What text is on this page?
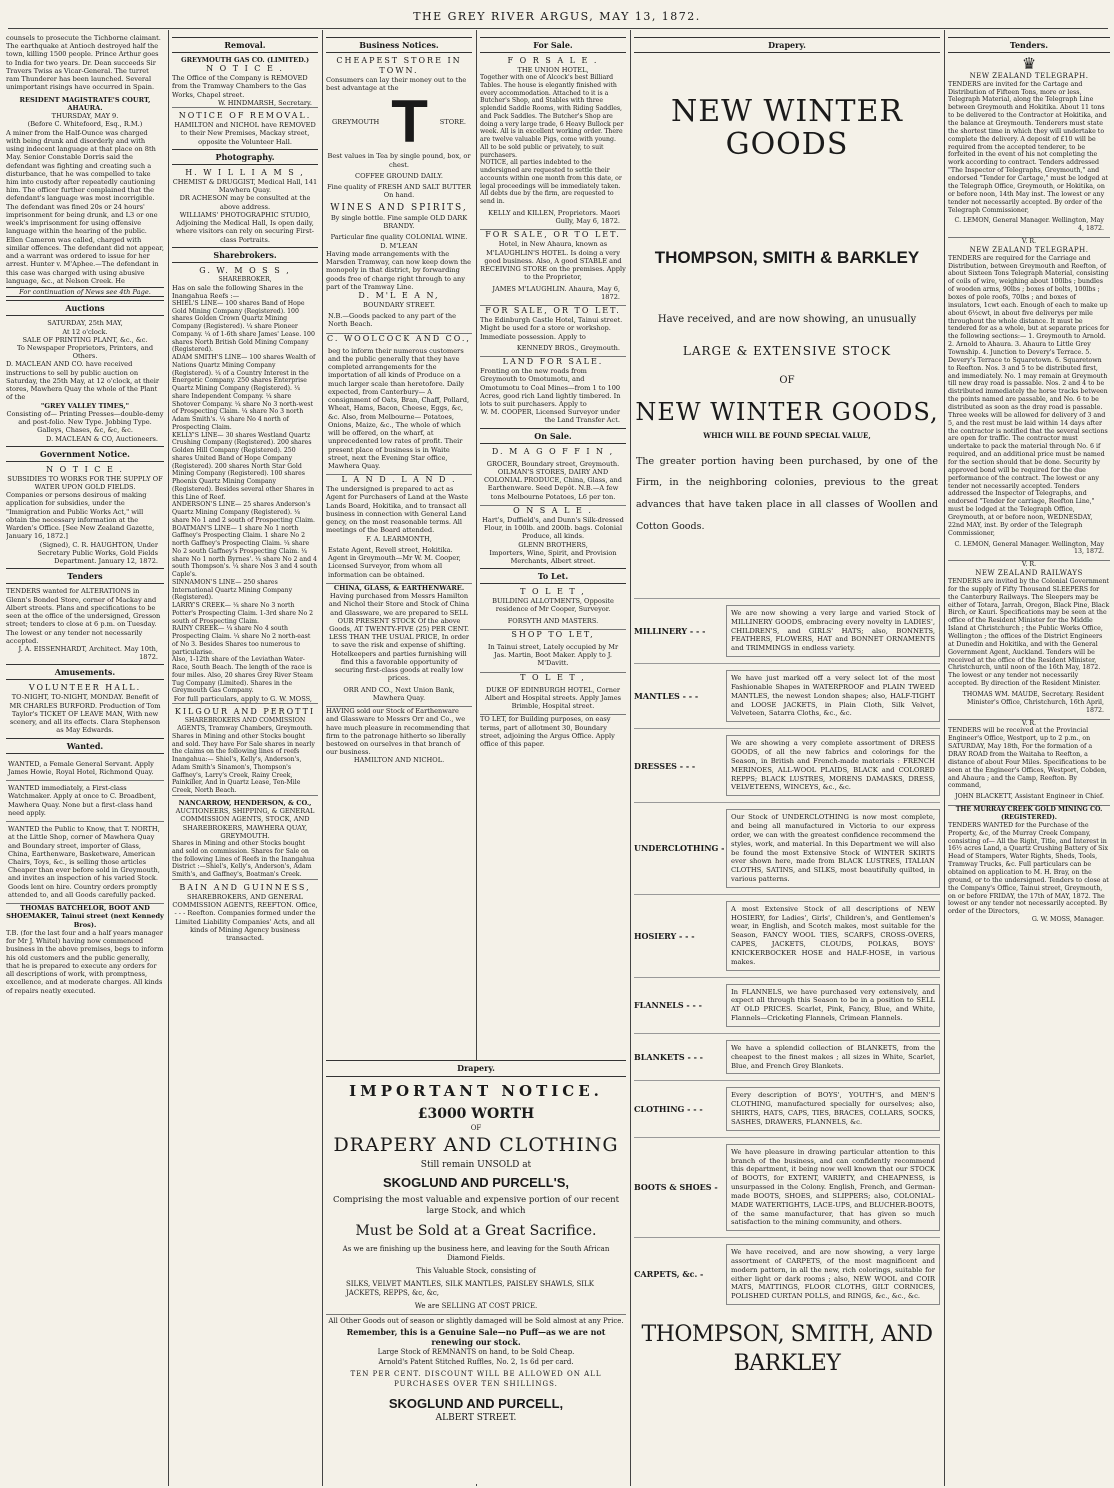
THE GREY RIVER ARGUS, MAY 13, 1872.

counsels to prosecute the Tichborne claimant. The earthquake at Antioch destroyed half the town, killing 1500 people. Prince Arthur goes to India for two years. Dr. Dean succeeds Sir Travers Twiss as Vicar-General. The turret ram Thunderer has been launched. Several unimportant risings have occurred in Spain.

RESIDENT MAGISTRATE'S COURT, AHAURA.

THURSDAY, MAY 9.

(Before C. Whitefoord, Esq., R.M.)

A miner from the Half-Ounce was charged with being drunk and disorderly and with using indecent language at that place on 8th May. Senior Constable Dorris said the defendant was fighting and creating such a disturbance, that he was compelled to take him into custody after repeatedly cautioning him. The officer further complained that the defendant's language was most incorrigible. The defendant was fined 20s or 24 hours' imprisonment for being drunk, and L3 or one week's imprisonment for using offensive language within the hearing of the public. Ellen Cameron was called, charged with similar offences. The defendant did not appear, and a warrant was ordered to issue for her arrest. Hunter v. M'Aphee.—The defendant in this case was charged with using abusive language, &c., at Nelson Creek. He

For continuation of News see 4th Page.

Auctions

SATURDAY, 25th MAY,

At 12 o'clock.

SALE OF PRINTING PLANT, &c., &c.

To Newspaper Proprietors, Printers, and Others.

D. MACLEAN AND CO. have received instructions to sell by public auction on Saturday, the 25th May, at 12 o'clock, at their stores, Mawhera Quay the whole of the Plant of the

"GREY VALLEY TIMES,"

Consisting of— Printing Presses—double-demy and post-folio. New Type. Jobbing Type. Galleys, Chases, &c, &c, &c.

D. MACLEAN & CO, Auctioneers.

Government Notice.

N O T I C E .

SUBSIDIES TO WORKS FOR THE SUPPLY OF WATER UPON GOLD FIELDS.

Companies or persons desirous of making application for subsidies, under the "Immigration and Public Works Act," will obtain the necessary information at the Warden's Office. [See New Zealand Gazette, January 16, 1872.]

(Signed), C. R. HAUGHTON, Under Secretary Public Works, Gold Fields Department. January 12, 1872.

Tenders

TENDERS wanted for ALTERATIONS in Glenn's Bonded Store, corner of Mackay and Albert streets. Plans and specifications to be seen at the office of the undersigned, Gresson street; tenders to close at 6 p.m. on Tuesday. The lowest or any tender not necessarily accepted.

J. A. EISSENHARDT, Architect. May 10th, 1872.

Amusements.

VOLUNTEER HALL.

TO-NIGHT, TO-NIGHT, MONDAY. Benefit of MR CHARLES BURFORD. Production of Tom Taylor's TICKET OF LEAVE MAN, With new scenery, and all its effects. Clara Stephenson as May Edwards.

Wanted.

WANTED, a Female General Servant. Apply James Howie, Royal Hotel, Richmond Quay.

WANTED immediately, a First-class Watchmaker. Apply at once to C. Broadbent, Mawhera Quay. None but a first-class hand need apply.

WANTED the Public to Know, that T. NORTH, at the Little Shop, corner of Mawhera Quay and Boundary street, importer of Glass, China, Earthenware, Basketware, American Chairs, Toys, &c., is selling those articles Cheaper than ever before sold in Greymouth, and invites an inspection of his varied Stock. Goods lent on hire. Country orders promptly attended to, and all Goods carefully packed.

THOMAS BATCHELOR, BOOT AND SHOEMAKER, Tainui street (next Kennedy Bros).

T.B. (for the last four and a half years manager for Mr J. Whitel) having now commenced business in the above premises, begs to inform his old customers and the public generally, that he is prepared to execute any orders for all descriptions of work, with promptness, excellence, and at moderate charges. All kinds of repairs neatly executed.

Removal.

GREYMOUTH GAS CO. (LIMITED.)

N O T I C E .

The Office of the Company is REMOVED from the Tramway Chambers to the Gas Works, Chapel street.

W. HINDMARSH, Secretary.

NOTICE OF REMOVAL.

HAMILTON and NICHOL have REMOVED to their New Premises, Mackay street, opposite the Volunteer Hall.

Photography.

H. W I L L I A M S ,

CHEMIST & DRUGGIST, Medical Hall, 141 Mawhera Quay.

DR ACHESON may be consulted at the above address.

WILLIAMS' PHOTOGRAPHIC STUDIO, Adjoining the Medical Hall, Is open daily, where visitors can rely on securing First-class Portraits.

Sharebrokers.

G. W. M O S S ,

SHAREBROKER,

Has on sale the following Shares in the Inangahua Reefs :—

SHIEL'S LINE— 100 shares Band of Hope Gold Mining Company (Registered). 100 shares Golden Crown Quartz Mining Company (Registered). ¼ share Pioneer Company. ¼ of 1-6th share James' Lease. 100 shares North British Gold Mining Company (Registered).

ADAM SMITH'S LINE— 100 shares Wealth of Nations Quartz Mining Company (Registered). ¼ of a Country Interest in the Energetic Company. 250 shares Enterprise Quartz Mining Company (Registered). ¼ share Independent Company. ¼ share Shotover Company. ¼ share No 3 north-west of Prospecting Claim. ¼ share No 3 north Adam Smith's. ¼ share No 4 north of Prospecting Claim.

KELLY'S LINE— 30 shares Westland Quartz Crushing Company (Registered). 200 shares Golden Hill Company (Registered). 250 shares United Band of Hope Company (Registered). 200 shares North Star Gold Mining Company (Registered). 100 shares Phoenix Quartz Mining Company (Registered). Besides several other Shares in this Line of Reef.

ANDERSON'S LINE— 25 shares Anderson's Quartz Mining Company (Registered). ¼ share No 1 and 2 south of Prospecting Claim.

BOATMAN'S LINE— 1 share No 1 north Gaffney's Prospecting Claim. 1 share No 2 north Gaffney's Prospecting Claim. ¼ share No 2 south Gaffney's Prospecting Claim. ¼ share No 1 north Byrnes'. ¼ share No 2 and 4 south Thompson's. ¼ share Nos 3 and 4 south Caple's.

SINNAMON'S LINE— 250 shares International Quartz Mining Company (Registered).

LARRY'S CREEK— ¼ share No 3 north Potter's Prospecting Claim. 1-3rd share No 2 south of Prospecting Claim.

RAINY CREEK— ¼ share No 4 south Prospecting Claim. ¼ share No 2 north-east of No 3. Besides Shares too numerous to particularise.

Also, 1-12th share of the Leviathan Water-Race, South Beach. The length of the race is four miles. Also, 20 shares Grey River Steam Tug Company (Limited). Shares in the Greymouth Gas Company.

For full particulars, apply to G. W. MOSS,

KILGOUR AND PEROTTI

SHAREBROKERS AND COMMISSION AGENTS, Tramway Chambers, Greymouth.

Shares in Mining and other Stocks bought and sold. They have For Sale shares in nearly the claims on the following lines of reefs Inangahua:— Shiel's, Kelly's, Anderson's, Adam Smith's Sinamon's, Thompson's Gaffney's, Larry's Creek, Rainy Creek, Painkiller, And in Quartz Lease, Ten-Mile Creek, North Beach.

NANCARROW, HENDERSON, & CO.,

AUCTIONEERS, SHIPPING, & GENERAL COMMISSION AGENTS, STOCK, AND SHAREBROKERS, MAWHERA QUAY, GREYMOUTH.

Shares in Mining and other Stocks bought and sold on commission. Shares for Sale on the following Lines of Reefs in the Inangahua District :—Shiel's, Kelly's, Anderson's, Adam Smith's, and Gaffney's, Boatman's Creek.

BAIN AND GUINNESS,

SHAREBROKERS, AND GENERAL COMMISSION AGENTS, REEFTON. Office, - - - Reefton. Companies formed under the Limited Liability Companies' Acts, and all kinds of Mining Agency business transacted.

Business Notices.

CHEAPEST STORE IN TOWN.

Consumers can lay their money out to the best advantage at the

GREYMOUTH T STORE.

Best values in Tea by single pound, box, or chest.

COFFEE GROUND DAILY.

Fine quality of FRESH AND SALT BUTTER On hand.

WINES AND SPIRITS,

By single bottle. Fine sample OLD DARK BRANDY.

Particular fine quality COLONIAL WINE.

D. M'LEAN

Having made arrangements with the Marsden Tramway, can now keep down the monopoly in that district, by forwarding goods free of charge right through to any part of the Tramway Line.

D. M'L E A N,

BOUNDARY STREET.

N.B.—Goods packed to any part of the North Beach.

C. WOOLCOCK AND CO.,

beg to inform their numerous customers and the public generally that they have completed arrangements for the importation of all kinds of Produce on a much larger scale than heretofore. Daily expected, from Canterbury— A consignment of Oats, Bran, Chaff, Pollard, Wheat, Hams, Bacon, Cheese, Eggs, &c, &c. Also, from Melbourne— Potatoes, Onions, Maize, &c., The whole of which will be offered, on the wharf, at unprecedented low rates of profit. Their present place of business is in Waite street, next the Evening Star office, Mawhera Quay.

L A N D . L A N D .

The undersigned is prepared to act as Agent for Purchasers of Land at the Waste Lands Board, Hokitika, and to transact all business in connection with General Land gency, on the most reasonable terms. All meetings of the Board attended.

F. A. LEARMONTH,

Estate Agent, Revell street, Hokitika. Agent in Greymouth—Mr W. M. Cooper, Licensed Surveyor, from whom all information can be obtained.

CHINA, GLASS, & EARTHENWARE.

Having purchased from Messrs Hamilton and Nichol their Store and Stock of China and Glassware, we are prepared to SELL OUR PRESENT STOCK Of the above Goods, AT TWENTY-FIVE (25) PER CENT. LESS THAN THE USUAL PRICE, In order to save the risk and expense of shifting. Hotelkeepers and parties furnishing will find this a favorable opportunity of securing first-class goods at really low prices.

ORR AND CO., Next Union Bank, Mawhera Quay.

HAVING sold our Stock of Earthenware and Glassware to Messrs Orr and Co., we have much pleasure in recommending that firm to the patronage hitherto so liberally bestowed on ourselves in that branch of our business.

HAMILTON AND NICHOL.

For Sale.

F O R S A L E .

THE UNION HOTEL,

Together with one of Alcock's best Billiard Tables. The house is elegantly finished with every accommodation. Attached to it is a Butcher's Shop, and Stables with three splendid Saddle Rooms, with Riding Saddles, and Pack Saddles. The Butcher's Shop are doing a very large trade, 6 Heavy Bullock per week. All is in excellent working order. There are twelve valuable Pigs, come with young. All to be sold public or privately, to suit purchasers.

NOTICE, all parties indebted to the undersigned are requested to settle their accounts within one month from this date, or legal proceedings will be immediately taken. All debts due by the firm, are requested to send in.

KELLY and KILLEN, Proprietors. Maori Gully, May 6, 1872.

FOR SALE, OR TO LET.

Hotel, in New Ahaura, known as M'LAUGHLIN'S HOTEL. Is doing a very good business. Also, A good STABLE and RECEIVING STORE on the premises. Apply to the Proprietor,

JAMES M'LAUGHLIN. Ahaura, May 6, 1872.

FOR SALE, OR TO LET.

The Edinburgh Castle Hotel, Tainui street. Might be used for a store or workshop. Immediate possession. Apply to

KENNEDY BROS., Greymouth.

LAND FOR SALE.

Fronting on the new roads from Greymouth to Omotumotu, and Omotumotu to Coal Mines—from 1 to 100 Acres, good rich Land lightly timbered. In lots to suit purchasers. Apply to

W. M. COOPER, Licensed Surveyor under the Land Transfer Act.

On Sale.

D. M A G O F F I N ,

GROCER, Boundary street, Greymouth. OILMAN'S STORES, DAIRY AND COLONIAL PRODUCE, China, Glass, and Earthenware. Seed Depôt. N.B.—A few tons Melbourne Potatoes, L6 per ton.

O N S A L E .

Hart's, Duffield's, and Dunn's Silk-dressed Flour, in 100lb. and 200lb. bags. Colonial Produce, all kinds.

GLENN BROTHERS,

Importers, Wine, Spirit, and Provision Merchants, Albert street.

To Let.

T O L E T ,

BUILDING ALLOTMENTS, Opposite residence of Mr Cooper, Surveyor.

FORSYTH AND MASTERS.

SHOP TO LET,

In Tainui street, Lately occupied by Mr Jas. Martin, Boot Maker. Apply to J. M'Davitt.

T O L E T ,

DUKE OF EDINBURGH HOTEL, Corner Albert and Hospital streets. Apply James Brimble, Hospital street.

TO LET, for Building purposes, on easy terms, part of allotment 30, Boundary street, adjoining the Argus Office. Apply office of this paper.

Drapery.

IMPORTANT NOTICE.

£3000 WORTH

OF

DRAPERY AND CLOTHING

Still remain UNSOLD at

SKOGLUND AND PURCELL'S,

Comprising the most valuable and expensive portion of our recent large Stock, and which

Must be Sold at a Great Sacrifice.

As we are finishing up the business here, and leaving for the South African Diamond Fields.

This Valuable Stock, consisting of

SILKS, VELVET MANTLES, SILK MANTLES, PAISLEY SHAWLS, SILK JACKETS, REPPS, &c, &c,

We are SELLING AT COST PRICE.

All Other Goods out of season or slightly damaged will be Sold almost at any Price.

Remember, this is a Genuine Sale—no Puff—as we are not renewing our stock.

Large Stock of REMNANTS on hand, to be Sold Cheap.

Arnold's Patent Stitched Ruffles, No. 2, 1s 6d per card.

TEN PER CENT. DISCOUNT WILL BE ALLOWED ON ALL PURCHASES OVER TEN SHILLINGS.

SKOGLUND AND PURCELL,

ALBERT STREET.

Drapery.

NEW WINTER GOODS

THOMPSON, SMITH & BARKLEY

Have received, and are now showing, an unusually

LARGE & EXTENSIVE STOCK

OF

NEW WINTER GOODS,

WHICH WILL BE FOUND SPECIAL VALUE,

The greater portion having been purchased, by one of the Firm, in the neighboring colonies, previous to the great advances that have taken place in all classes of Woollen and Cotton Goods.

MILLINERY - - -
We are now showing a very large and varied Stock of MILLINERY GOODS, embracing every novelty in LADIES', CHILDREN'S, and GIRLS' HATS; also, BONNETS, FEATHERS, FLOWERS, HAT and BONNET ORNAMENTS and TRIMMINGS in endless variety.
MANTLES - - -
We have just marked off a very select lot of the most Fashionable Shapes in WATERPROOF and PLAIN TWEED MANTLES, the newest London shapes; also, HALF-TIGHT and LOOSE JACKETS, in Plain Cloth, Silk Velvet, Velveteen, Satarra Cloths, &c., &c.
DRESSES - - -
We are showing a very complete assortment of DRESS GOODS, of all the new fabrics and colorings for the Season, in British and French-made materials : FRENCH MERINOES, ALL-WOOL PLAIDS, BLACK and COLORED REPPS; BLACK LUSTRES, MORENS DAMASKS, DRESS, VELVETEENS, WINCEYS, &c., &c.
UNDERCLOTHING -
Our Stock of UNDERCLOTHING is now most complete, and being all manufactured in Victoria to our express order, we can with the greatest confidence recommend the styles, work, and material. In this Department we will also be found the most Extensive Stock of WINTER SKIRTS ever shown here, made from BLACK LUSTRES, ITALIAN CLOTHS, SATINS, and SILKS, most beautifully quilted, in various patterns.
HOSIERY - - -
A most Extensive Stock of all descriptions of NEW HOSIERY, for Ladies', Girls', Children's, and Gentlemen's wear, in English, and Scotch makes, most suitable for the Season, FANCY WOOL TIES, SCARFS, CROSS-OVERS, CAPES, JACKETS, CLOUDS, POLKAS, BOYS' KNICKERBOCKER HOSE and HALF-HOSE, in various makes.
FLANNELS - - -
In FLANNELS, we have purchased very extensively, and expect all through this Season to be in a position to SELL AT OLD PRICES. Scarlet, Pink, Fancy, Blue, and White, Flannels—Cricketing Flannels, Crimean Flannels.
BLANKETS - - -
We have a splendid collection of BLANKETS, from the cheapest to the finest makes ; all sizes in White, Scarlet, Blue, and French Grey Blankets.
CLOTHING - - -
Every description of BOYS', YOUTH'S, and MEN'S CLOTHING, manufactured specially for ourselves; also, SHIRTS, HATS, CAPS, TIES, BRACES, COLLARS, SOCKS, SASHES, DRAWERS, FLANNELS, &c.
BOOTS & SHOES -
We have pleasure in drawing particular attention to this branch of the business, and can confidently recommend this department, it being now well known that our STOCK of BOOTS, for EXTENT, VARIETY, and CHEAPNESS, is unsurpassed in the Colony. English, French, and German-made BOOTS, SHOES, and SLIPPERS; also, COLONIAL-MADE WATERTIGHTS, LACE-UPS, and BLUCHER-BOOTS, of the same manufacturer, that has given so much satisfaction to the mining community, and others.
CARPETS, &c. -
We have received, and are now showing, a very large assortment of CARPETS, of the most magnificent and modern pattern, in all the new, rich colorings, suitable for either light or dark rooms ; also, NEW WOOL and COIR MATS, MATTINGS, FLOOR CLOTHS, GILT CORNICES, POLISHED CURTAN POLLS, and RINGS, &c., &c., &c.

THOMPSON, SMITH, AND BARKLEY

Tenders.

♛

NEW ZEALAND TELEGRAPH.

TENDERS are invited for the Cartage and Distribution of Fifteen Tons, more or less, Telegraph Material, along the Telegraph Line between Greymouth and Hokitika. About 11 tons to be delivered to the Contractor at Hokitika, and the balance at Greymouth. Tenderers must state the shortest time in which they will undertake to complete the delivery. A deposit of £10 will be required from the accepted tenderer, to be forfeited in the event of his not completing the work according to contract. Tenders addressed "The Inspector of Telegraphs, Greymouth," and endorsed "Tender for Cartage," must be lodged at the Telegraph Office, Greymouth, or Hokitika, on or before noon, 14th May inst. The lowest or any tender not necessarily accepted. By order of the Telegraph Commissioner,

C. LEMON, General Manager. Wellington, May 4, 1872.

V. R.

NEW ZEALAND TELEGRAPH.

TENDERS are required for the Carriage and Distribution, between Greymouth and Reefton, of about Sixteen Tons Telegraph Material, consisting of coils of wire, weighing about 100lbs ; bundles of wooden arms, 90lbs ; boxes of bolts, 100lbs ; boxes of pole roofs, 70lbs ; and boxes of insulators, 1cwt each. Enough of each to make up about 6½cwt, in about five deliverys per mile throughout the whole distance. It must be tendered for as a whole, but at separate prices for the following sections:— 1. Greymouth to Arnold. 2. Arnold to Ahaura. 3. Ahaura to Little Grey Township. 4. Junction to Devery's Terrace. 5. Devery's Terrace to Squaretown. 6. Squaretown to Reefton. Nos. 3 and 5 to be distributed first, and immediately. No. 1 may remain at Greymouth till new dray road is passable. Nos. 2 and 4 to be distributed immediately the horse tracks between the points named are passable, and No. 6 to be distributed as soon as the dray road is passable. Three weeks will be allowed for delivery of 3 and 5, and the rest must be laid within 14 days after the contractor is notified that the several sections are open for traffic. The contractor must undertake to pack the material through No. 6 if required, and an additional price must be named for the section should that be done. Security by approved bond will be required for the due performance of the contract. The lowest or any tender not necessarily accepted. Tenders addressed the Inspector of Telegraphs, and endorsed "Tender for carriage, Reefton Line," must be lodged at the Telegraph Office, Greymouth, at or before noon, WEDNESDAY, 22nd MAY, inst. By order of the Telegraph Commissioner,

C. LEMON, General Manager. Wellington, May 13, 1872.

V. R.

NEW ZEALAND RAILWAYS

TENDERS are invited by the Colonial Government for the supply of Fifty Thousand SLEEPERS for the Canterbury Railways. The Sleepers may be either of Totara, Jarrah, Oregon, Black Pine, Black Birch, or Kauri. Specifications may be seen at the office of the Resident Minister for the Middle Island at Christchurch ; the Public Works Office, Wellington ; the offices of the District Engineers at Dunedin and Hokitika, and with the General Government Agent, Auckland. Tenders will be received at the office of the Resident Minister, Christchurch, until noon of the 16th May, 1872. The lowest or any tender not necessarily accepted. By direction of the Resident Minister.

THOMAS WM. MAUDE, Secretary. Resident Minister's Office, Christchurch, 16th April, 1872.

V. R.

TENDERS will be received at the Provincial Engineer's Office, Westport, up to 2 p.m., on SATURDAY, May 18th, For the formation of a DRAY ROAD from the Waitaha to Reefton, a distance of about Four Miles. Specifications to be seen at the Engineer's Offices, Westport, Cobden, and Ahaura ; and the Camp, Reefton. By command,

JOHN BLACKETT, Assistant Engineer in Chief.

THE MURRAY CREEK GOLD MINING CO. (REGISTERED).

TENDERS WANTED for the Purchase of the Property, &c, of the Murray Creek Company, consisting of— All the Right, Title, and Interest in 16½ acres Land, a Quartz Crushing Battery of Six Head of Stampers, Water Rights, Sheds, Tools, Tramway Trucks, &c. Full particulars can be obtained on application to M. H. Bray, on the ground, or to the undersigned. Tenders to close at the Company's Office, Tainui street, Greymouth, on or before FRIDAY, the 17th of MAY, 1872. The lowest or any tender not necessarily accepted. By order of the Directors,

G. W. MOSS, Manager.
